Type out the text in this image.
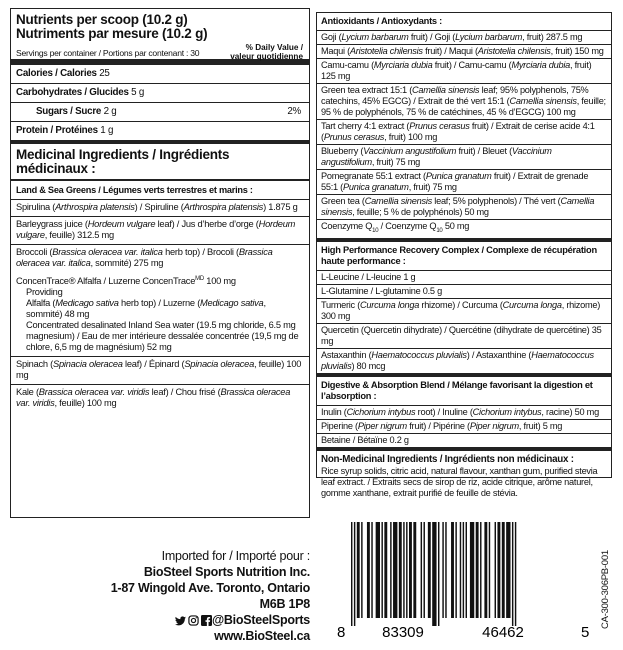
Nutrients per scoop (10.2 g)
Nutriments par mesure (10.2 g)
Servings per container / Portions par contenant : 30
% Daily Value /
valeur quotidienne
Calories / Calories 25
Carbohydrates / Glucides 5 g
Sugars / Sucre 2 g	2%
Protein / Protéines 1 g
Medicinal Ingredients / Ingrédients
médicinaux :
Land & Sea Greens / Légumes verts terrestres et marins :
Spirulina (Arthrospira platensis) / Spiruline (Arthrospira platensis) 1.875 g
Barleygrass juice (Hordeum vulgare leaf) / Jus d’herbe d’orge (Hordeum vulgare, feuille) 312.5 mg
Broccoli (Brassica oleracea var. italica herb top) / Brocoli (Brassica oleracea var. italica, sommité) 275 mg
ConcenTrace® Alfalfa / Luzerne ConcenTrace$^{MD}$ 100 mg
Providing
Alfalfa (Medicago sativa herb top) / Luzerne (Medicago sativa, sommité) 48 mg
Concentrated desalinated Inland Sea water (19.5 mg chloride, 6.5 mg magnesium) / Eau de mer intérieure dessalée concentrée (19,5 mg de chlore, 6,5 mg de magnésium) 52 mg
Spinach (Spinacia oleracea leaf) / Épinard (Spinacia oleracea, feuille) 100 mg
Kale (Brassica oleracea var. viridis leaf) / Chou frisé (Brassica oleracea var. viridis, feuille) 100 mg
Antioxidants / Antioxydants :
Goji (Lycium barbarum fruit) / Goji (Lycium barbarum, fruit) 287.5 mg
Maqui (Aristotelia chilensis fruit) / Maqui (Aristotelia chilensis, fruit) 150 mg
Camu-camu (Myrciaria dubia fruit) / Camu-camu (Myrciaria dubia, fruit) 125 mg
Green tea extract 15:1 (Camellia sinensis leaf; 95% polyphenols, 75% catechins, 45% EGCG) / Extrait de thé vert 15:1 (Camellia sinensis, feuille; 95 % de polyphénols, 75 % de catéchines, 45 % d’EGCG) 100 mg
Tart cherry 4:1 extract (Prunus cerasus fruit) / Extrait de cerise acide 4:1 (Prunus cerasus, fruit) 100 mg
Blueberry (Vaccinium angustifolium fruit) / Bleuet (Vaccinium angustifolium, fruit) 75 mg
Pomegranate 55:1 extract (Punica granatum fruit) / Extrait de grenade 55:1 (Punica granatum, fruit) 75 mg
Green tea (Camellia sinensis leaf; 5% polyphenols) / Thé vert (Camellia sinensis, feuille; 5 % de polyphénols) 50 mg
Coenzyme $Q_{10}$ / Coenzyme $Q_{10}$ 50 mg
High Performance Recovery Complex / Complexe de récupération haute performance :
L-Leucine / L-leucine 1 g
L-Glutamine / L-glutamine 0.5 g
Turmeric (Curcuma longa rhizome) / Curcuma (Curcuma longa, rhizome) 300 mg
Quercetin (Quercetin dihydrate) / Quercétine (dihydrate de quercétine) 35 mg
Astaxanthin (Haematococcus pluvialis) / Astaxanthine (Haematococcus pluvialis) 80 mcg
Digestive & Absorption Blend / Mélange favorisant la digestion et l’absorption :
Inulin (Cichorium intybus root) / Inuline (Cichorium intybus, racine) 50 mg
Piperine (Piper nigrum fruit) / Pipérine (Piper nigrum, fruit) 5 mg
Betaine / Bétaïne 0.2 g
Non-Medicinal Ingredients / Ingrédients non médicinaux :
Rice syrup solids, citric acid, natural flavour, xanthan gum, purified stevia leaf extract. / Extraits secs de sirop de riz, acide citrique, arôme naturel, gomme xanthane, extrait purifié de feuille de stévia.
Imported for / Importé pour :
BioSteel Sports Nutrition Inc.
1-87 Wingold Ave. Toronto, Ontario M6B 1P8
@BioSteelSports
www.BioSteel.ca 8 83309	46462	5
CA-300-306PB-001
